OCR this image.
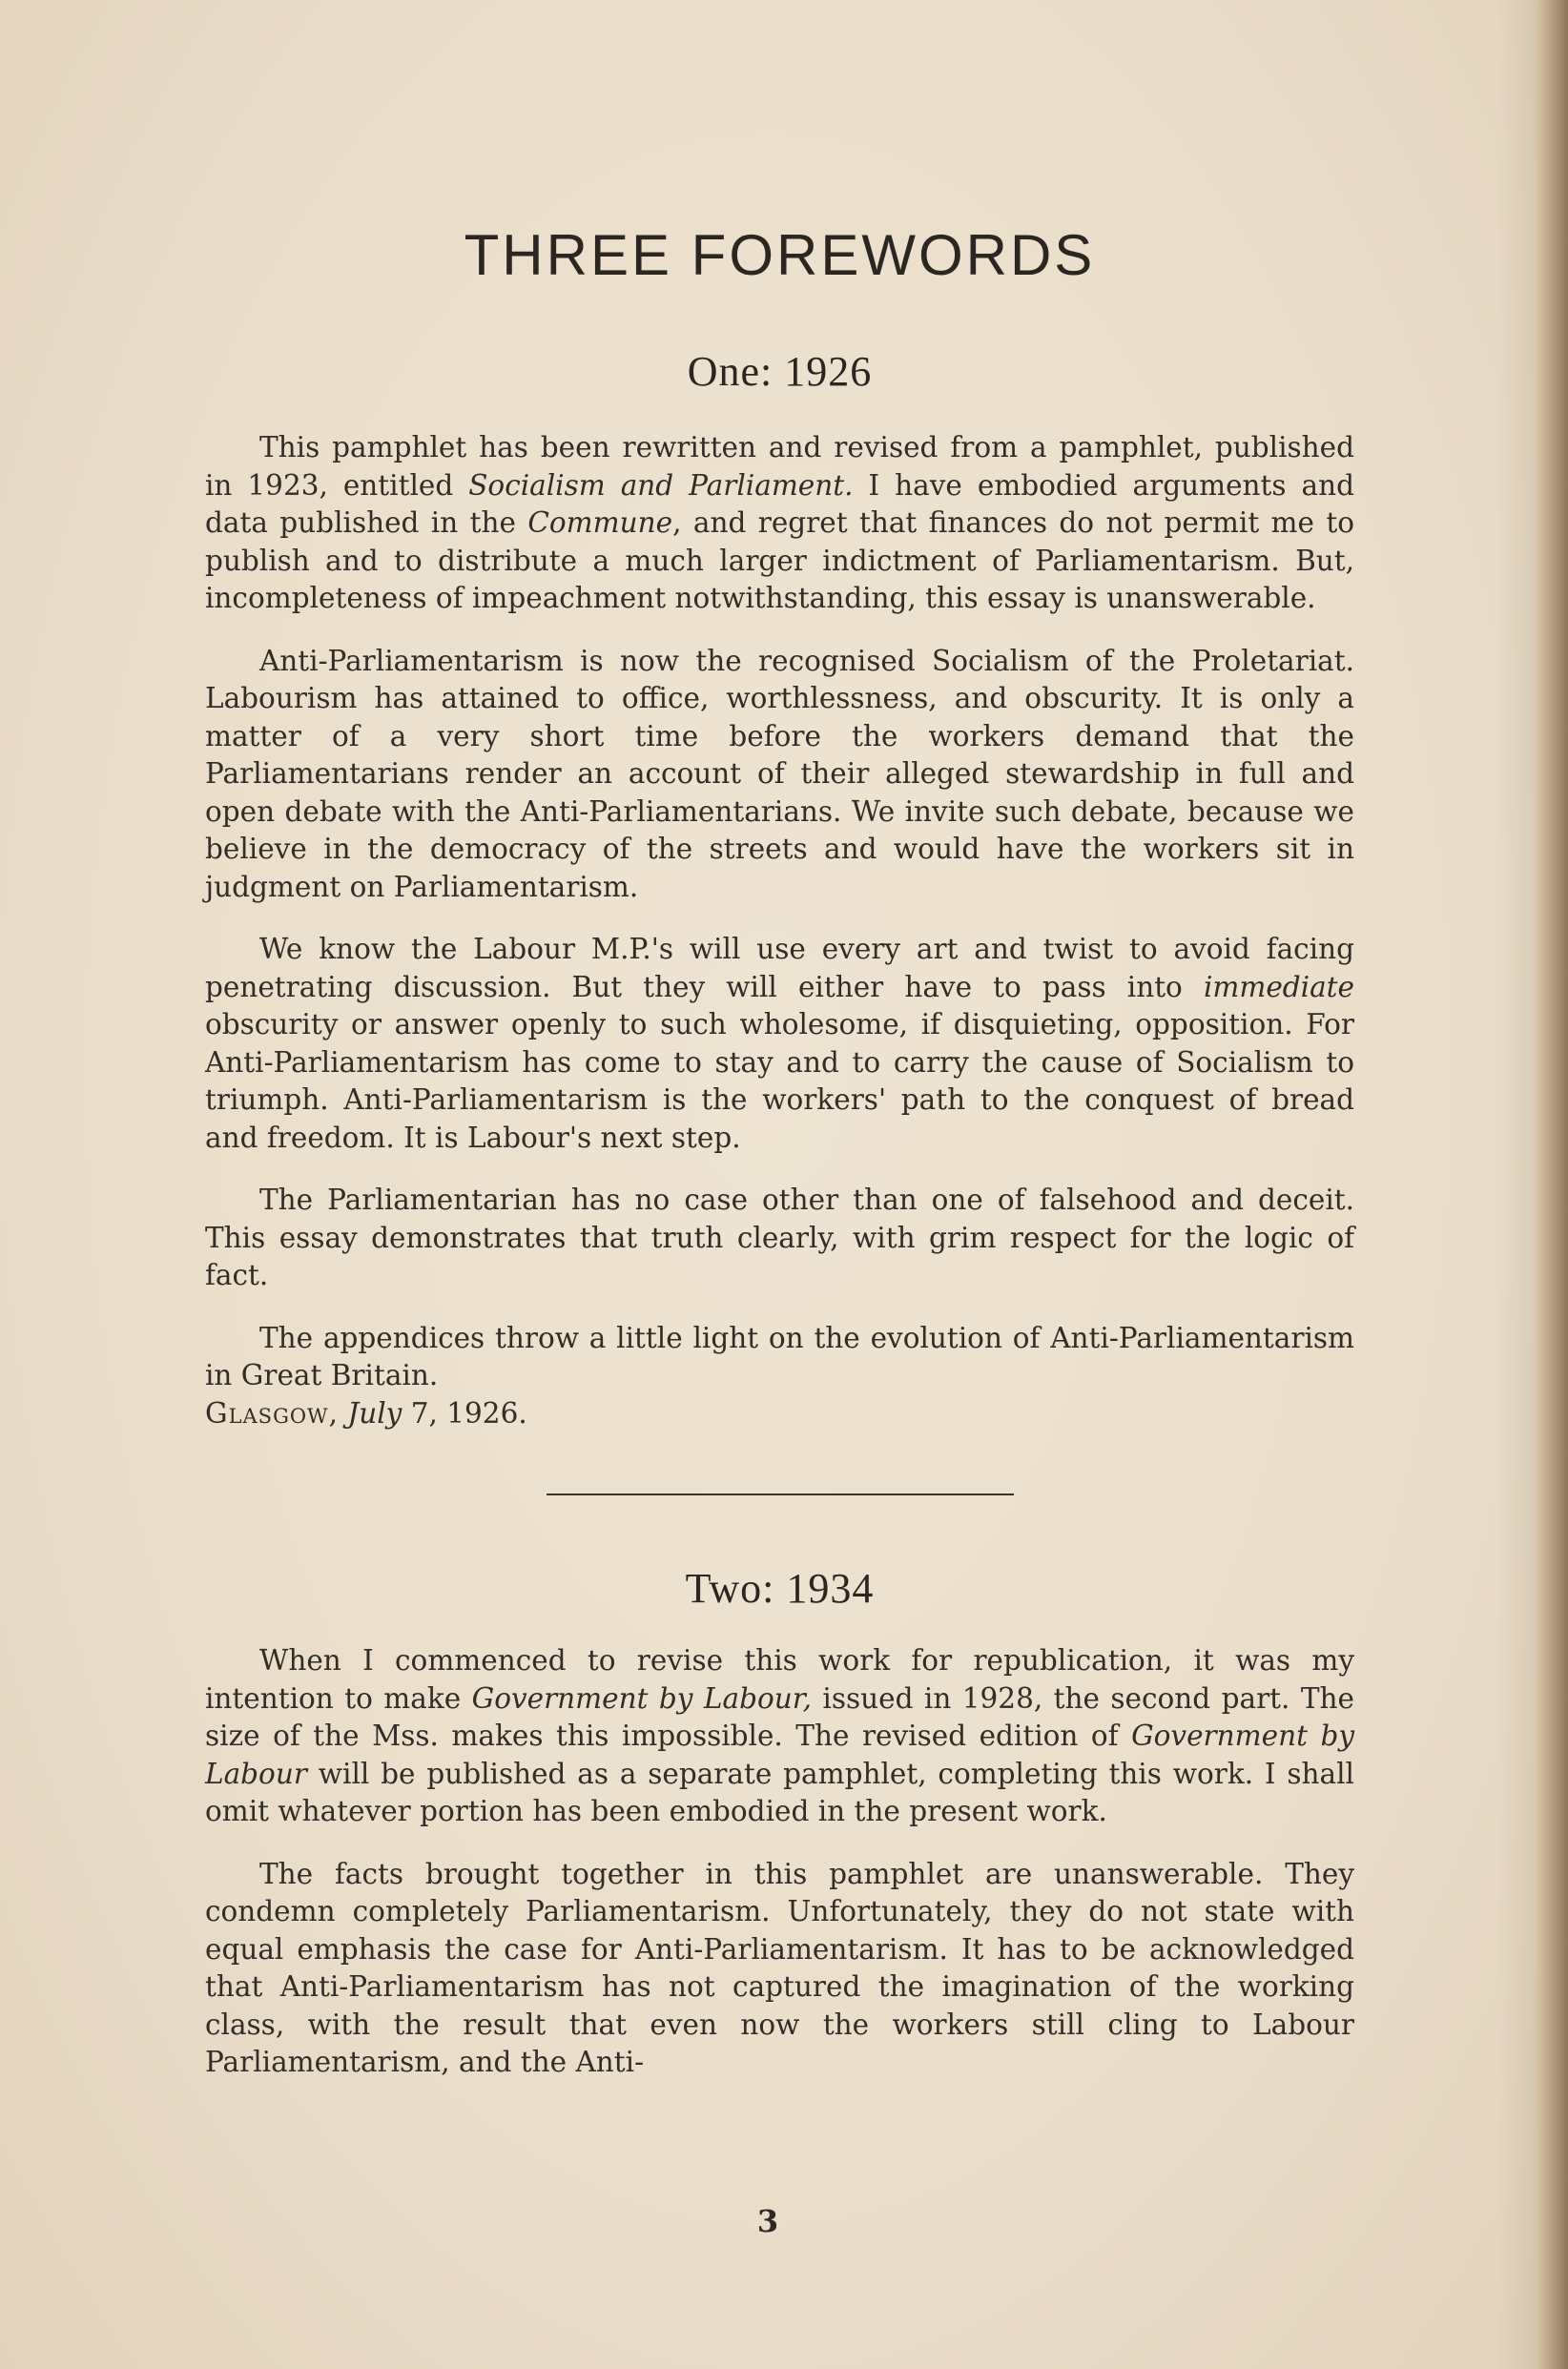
THREE FOREWORDS
One: 1926

This pamphlet has been rewritten and revised from a pamphlet, published in 1923, entitled Socialism and Parliament. I have embodied arguments and data published in the Commune, and regret that finances do not permit me to publish and to distribute a much larger indictment of Parliamentarism. But, incompleteness of impeachment notwithstanding, this essay is unanswerable.

Anti-Parliamentarism is now the recognised Socialism of the Proletariat. Labourism has attained to office, worthlessness, and obscurity. It is only a matter of a very short time before the workers demand that the Parliamentarians render an account of their alleged stewardship in full and open debate with the Anti-Parliamentarians. We invite such debate, because we believe in the democracy of the streets and would have the workers sit in judgment on Parliamentarism.

We know the Labour M.P.'s will use every art and twist to avoid facing penetrating discussion. But they will either have to pass into immediate obscurity or answer openly to such wholesome, if disquieting, opposition. For Anti-Parliamentarism has come to stay and to carry the cause of Socialism to triumph. Anti-Parliamentarism is the workers' path to the conquest of bread and freedom. It is Labour's next step.

The Parliamentarian has no case other than one of falsehood and deceit. This essay demonstrates that truth clearly, with grim respect for the logic of fact.

The appendices throw a little light on the evolution of Anti-Parliamentarism in Great Britain.

Glasgow, July 7, 1926.

Two: 1934

When I commenced to revise this work for republication, it was my intention to make Government by Labour, issued in 1928, the second part. The size of the Mss. makes this impossible. The revised edition of Government by Labour will be published as a separate pamphlet, completing this work. I shall omit whatever portion has been embodied in the present work.

The facts brought together in this pamphlet are unanswerable. They condemn completely Parliamentarism. Unfortunately, they do not state with equal emphasis the case for Anti-Parliamentarism. It has to be acknowledged that Anti-Parliamentarism has not captured the imagination of the working class, with the result that even now the workers still cling to Labour Parliamentarism, and the Anti-

3
